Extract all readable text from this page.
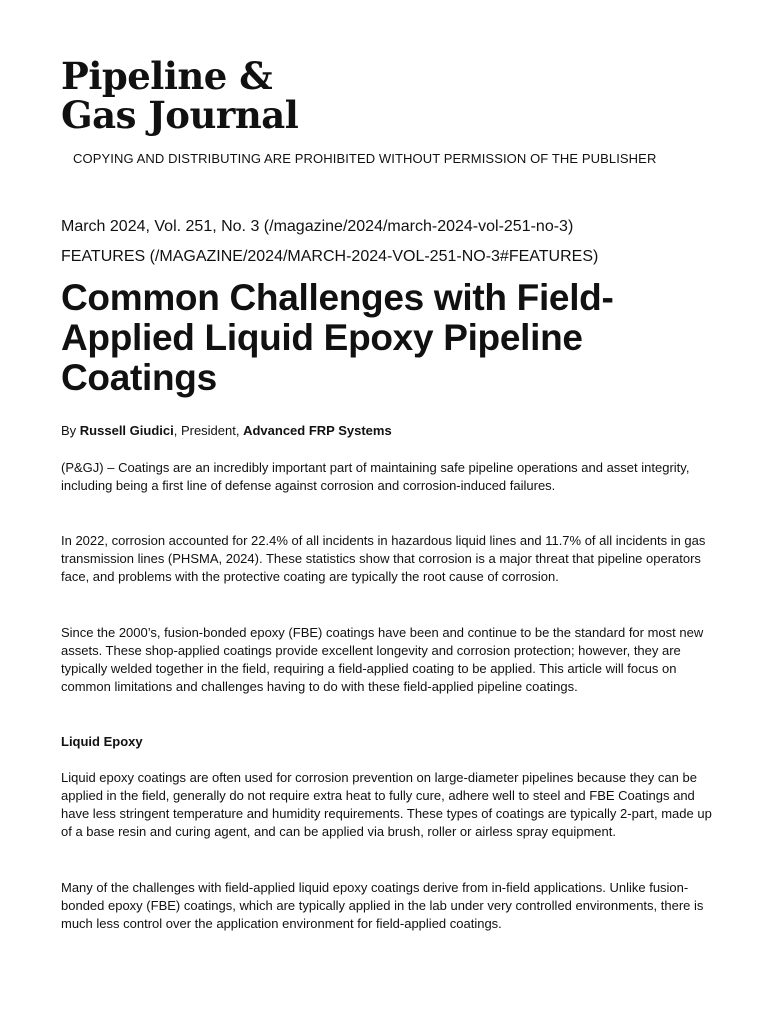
Pipeline &
Gas Journal
COPYING AND DISTRIBUTING ARE PROHIBITED WITHOUT PERMISSION OF THE PUBLISHER
March 2024, Vol. 251, No. 3 (/magazine/2024/march-2024-vol-251-no-3)
FEATURES (/MAGAZINE/2024/MARCH-2024-VOL-251-NO-3#FEATURES)
Common Challenges with Field-Applied Liquid Epoxy Pipeline Coatings
By Russell Giudici, President, Advanced FRP Systems

(P&GJ) – Coatings are an incredibly important part of maintaining safe pipeline operations and asset integrity, including being a first line of defense against corrosion and corrosion-induced failures.

In 2022, corrosion accounted for 22.4% of all incidents in hazardous liquid lines and 11.7% of all incidents in gas transmission lines (PHSMA, 2024). These statistics show that corrosion is a major threat that pipeline operators face, and problems with the protective coating are typically the root cause of corrosion.

Since the 2000’s, fusion-bonded epoxy (FBE) coatings have been and continue to be the standard for most new assets. These shop-applied coatings provide excellent longevity and corrosion protection; however, they are typically welded together in the field, requiring a field-applied coating to be applied. This article will focus on common limitations and challenges having to do with these field-applied pipeline coatings.

Liquid Epoxy

Liquid epoxy coatings are often used for corrosion prevention on large-diameter pipelines because they can be applied in the field, generally do not require extra heat to fully cure, adhere well to steel and FBE Coatings and have less stringent temperature and humidity requirements. These types of coatings are typically 2-part, made up of a base resin and curing agent, and can be applied via brush, roller or airless spray equipment.

Many of the challenges with field-applied liquid epoxy coatings derive from in-field applications. Unlike fusion-bonded epoxy (FBE) coatings, which are typically applied in the lab under very controlled environments, there is much less control over the application environment for field-applied coatings.
